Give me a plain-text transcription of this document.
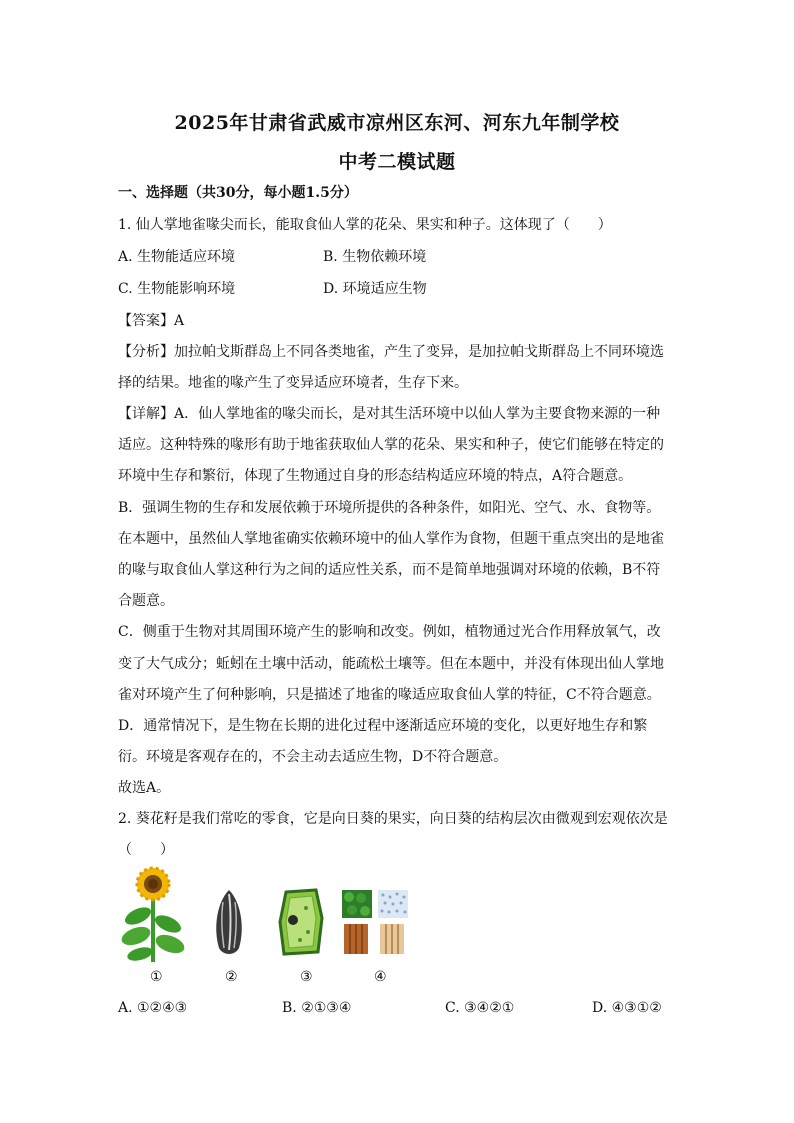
2025年甘肃省武威市凉州区东河、河东九年制学校
中考二模试题
一、选择题（共30分，每小题1.5分）
1. 仙人掌地雀喙尖而长，能取食仙人掌的花朵、果实和种子。这体现了（　　）
A. 生物能适应环境	B. 生物依赖环境
C. 生物能影响环境	D. 环境适应生物
【答案】A
【分析】加拉帕戈斯群岛上不同各类地雀，产生了变异，是加拉帕戈斯群岛上不同环境选
择的结果。地雀的喙产生了变异适应环境者，生存下来。
【详解】A．仙人掌地雀的喙尖而长，是对其生活环境中以仙人掌为主要食物来源的一种
适应。这种特殊的喙形有助于地雀获取仙人掌的花朵、果实和种子，使它们能够在特定的
环境中生存和繁衍，体现了生物通过自身的形态结构适应环境的特点，A符合题意。
B．强调生物的生存和发展依赖于环境所提供的各种条件，如阳光、空气、水、食物等。
在本题中，虽然仙人掌地雀确实依赖环境中的仙人掌作为食物，但题干重点突出的是地雀
的喙与取食仙人掌这种行为之间的适应性关系，而不是简单地强调对环境的依赖，B不符
合题意。
C．侧重于生物对其周围环境产生的影响和改变。例如，植物通过光合作用释放氧气，改
变了大气成分；蚯蚓在土壤中活动，能疏松土壤等。但在本题中，并没有体现出仙人掌地
雀对环境产生了何种影响，只是描述了地雀的喙适应取食仙人掌的特征，C不符合题意。
D．通常情况下，是生物在长期的进化过程中逐渐适应环境的变化，以更好地生存和繁
衍。环境是客观存在的，不会主动去适应生物，D不符合题意。
故选A。
2. 葵花籽是我们常吃的零食，它是向日葵的果实，向日葵的结构层次由微观到宏观依次是
（　　）
①	②	③	④
A. ①②④③	B. ②①③④	C. ③④②①	D. ④③①②
